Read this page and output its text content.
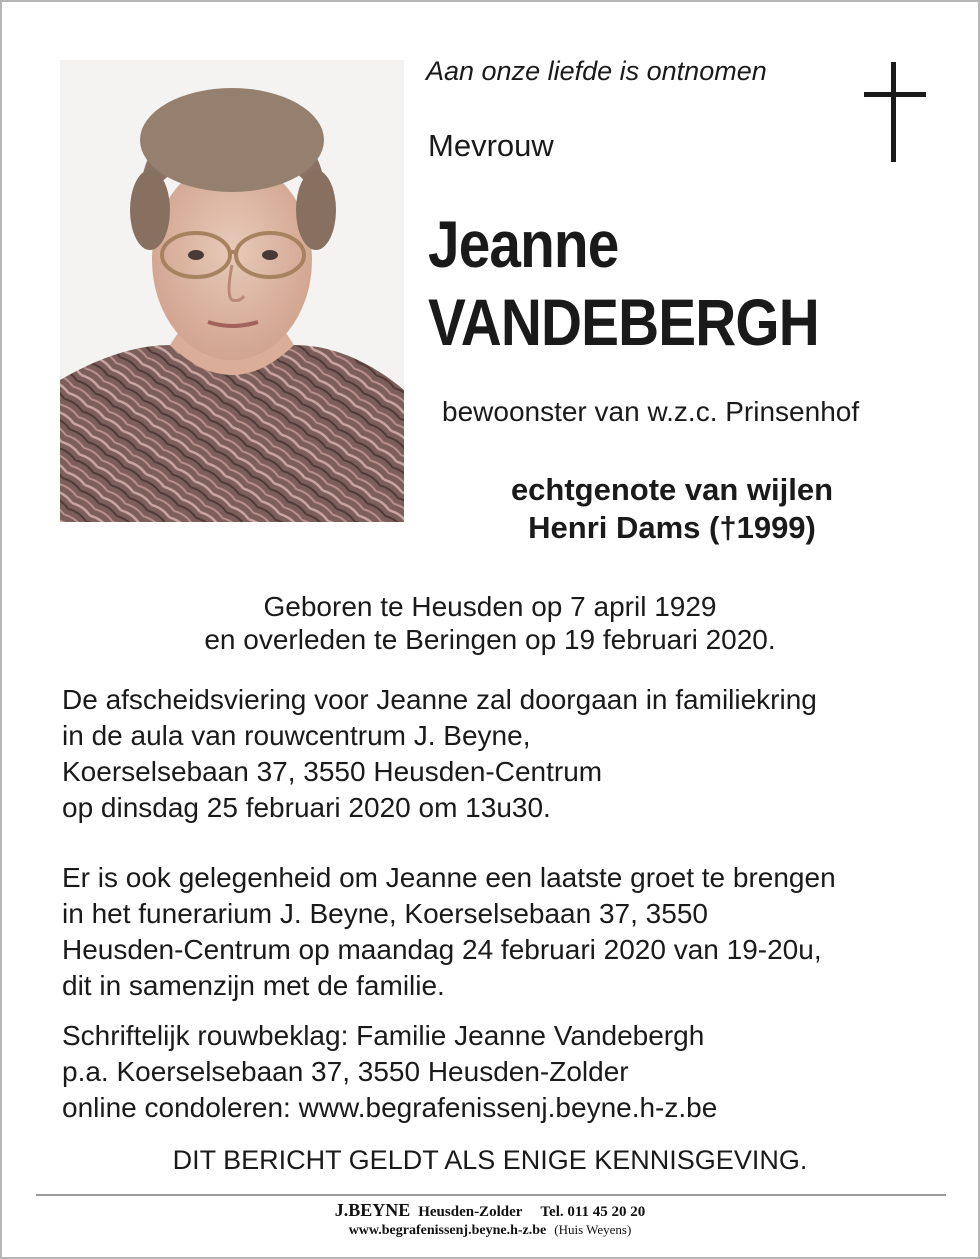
Aan onze liefde is ontnomen

Mevrouw

Jeanne
VANDEBERGH

bewoonster van w.z.c. Prinsenhof

echtgenote van wijlen

Henri Dams (†1999)

Geboren te Heusden op 7 april 1929

en overleden te Beringen op 19 februari 2020.

De afscheidsviering voor Jeanne zal doorgaan in familiekring

in de aula van rouwcentrum J. Beyne,

Koerselsebaan 37, 3550 Heusden-Centrum

op dinsdag 25 februari 2020 om 13u30.

Er is ook gelegenheid om Jeanne een laatste groet te brengen

in het funerarium J. Beyne, Koerselsebaan 37, 3550

Heusden-Centrum op maandag 24 februari 2020 van 19-20u,

dit in samenzijn met de familie.

Schriftelijk rouwbeklag: Familie Jeanne Vandebergh

p.a. Koerselsebaan 37, 3550 Heusden-Zolder

online condoleren: www.begrafenissenj.beyne.h-z.be

DIT BERICHT GELDT ALS ENIGE KENNISGEVING.

J.BEYNE Heusden-Zolder Tel. 011 45 20 20
www.begrafenissenj.beyne.h-z.be (Huis Weyens)
